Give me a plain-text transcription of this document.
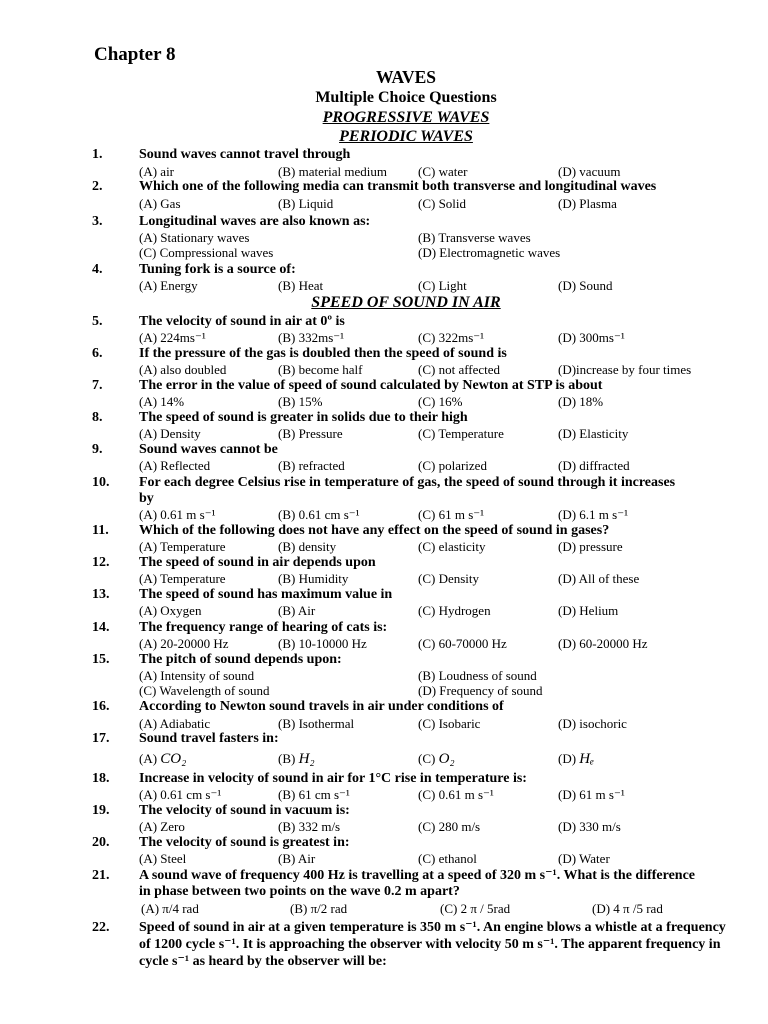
Chapter 8
WAVES
Multiple Choice Questions
PROGRESSIVE WAVES
PERIODIC WAVES
SPEED OF SOUND IN AIR
1.	Sound waves cannot travel through
(A) air	(B) material medium (C) water	(D) vacuum
2.	Which one of the following media can transmit both transverse and longitudinal waves
(A) Gas	(B) Liquid	(C) Solid	(D) Plasma
3.	Longitudinal waves are also known as:
(A) Stationary waves	(B) Transverse waves
(C) Compressional waves	(D) Electromagnetic waves
4.	Tuning fork is a source of:
(A) Energy	(B) Heat	(C) Light	(D) Sound
5.	The velocity of sound in air at 0º is
(A) 224ms⁻¹	(B) 332ms⁻¹	(C) 322ms⁻¹	(D) 300ms⁻¹
6.	If the pressure of the gas is doubled then the speed of sound is
(A) also doubled	(B) become half	(C) not affected	(D)increase by four times
7.	The error in the value of speed of sound calculated by Newton at STP is about
(A) 14%	(B) 15%	(C) 16%	(D) 18%
8.	The speed of sound is greater in solids due to their high
(A) Density	(B) Pressure	(C) Temperature	(D) Elasticity
9.	Sound waves cannot be
(A) Reflected	(B) refracted	(C) polarized	(D) diffracted
10. For each degree Celsius rise in temperature of gas, the speed of sound through it increases by
(A) 0.61 m s⁻¹	(B) 0.61 cm s⁻¹	(C) 61 m s⁻¹	(D) 6.1 m s⁻¹
11. Which of the following does not have any effect on the speed of sound in gases?
(A) Temperature	(B) density	(C) elasticity	(D) pressure
12. The speed of sound in air depends upon
(A) Temperature	(B) Humidity	(C) Density	(D) All of these
13. The speed of sound has maximum value in
(A) Oxygen	(B) Air	(C) Hydrogen	(D) Helium
14. The frequency range of hearing of cats is:
(A) 20-20000 Hz	(B) 10-10000 Hz	(C) 60-70000 Hz	(D) 60-20000 Hz
15. The pitch of sound depends upon:
(A) Intensity of sound	(B) Loudness of sound
(C) Wavelength of sound	(D) Frequency of sound
16. According to Newton sound travels in air under conditions of
(A) Adiabatic	(B) Isothermal	(C) Isobaric	(D) isochoric
17. Sound travel fasters in:
(A) CO₂	(B) H₂	(C) O₂	(D) Hₑ
18. Increase in velocity of sound in air for 1°C rise in temperature is:
(A) 0.61 cm s⁻¹	(B) 61 cm s⁻¹	(C) 0.61 m s⁻¹	(D) 61 m s⁻¹
19. The velocity of sound in vacuum is:
(A) Zero	(B) 332 m/s	(C) 280 m/s	(D) 330 m/s
20. The velocity of sound is greatest in:
(A) Steel	(B) Air	(C) ethanol	(D) Water
21. A sound wave of frequency 400 Hz is travelling at a speed of 320 m s⁻¹. What is the difference in phase between two points on the wave 0.2 m apart?
(A) π/4 rad	(B) π/2 rad	(C) 2 π / 5rad	(D) 4 π /5 rad
22. Speed of sound in air at a given temperature is 350 m s⁻¹. An engine blows a whistle at a frequency of 1200 cycle s⁻¹. It is approaching the observer with velocity 50 m s⁻¹. The apparent frequency in cycle s⁻¹ as heard by the observer will be:
